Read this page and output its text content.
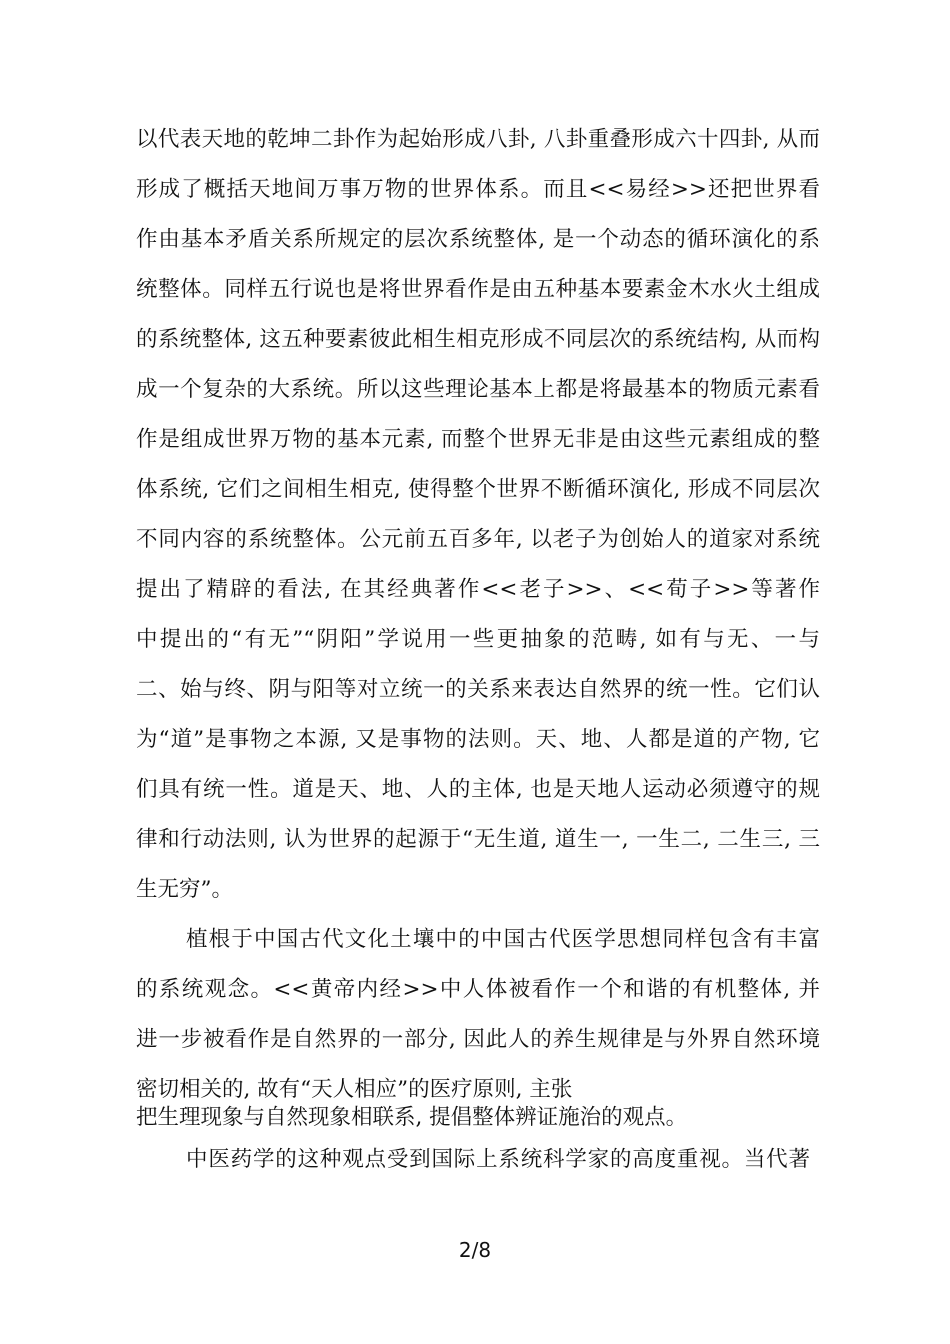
以代表天地的乾坤二卦作为起始形成八卦, 八卦重叠形成六十四卦, 从而
形成了概括天地间万事万物的世界体系。而且<<易经>>还把世界看
作由基本矛盾关系所规定的层次系统整体, 是一个动态的循环演化的系
统整体。同样五行说也是将世界看作是由五种基本要素金木水火土组成
的系统整体, 这五种要素彼此相生相克形成不同层次的系统结构, 从而构
成一个复杂的大系统。所以这些理论基本上都是将最基本的物质元素看
作是组成世界万物的基本元素, 而整个世界无非是由这些元素组成的整
体系统, 它们之间相生相克, 使得整个世界不断循环演化, 形成不同层次
不同内容的系统整体。公元前五百多年, 以老子为创始人的道家对系统
提出了精辟的看法, 在其经典著作<<老子>>、<<荀子>>等著作
中提出的“有无”“阴阳”学说用一些更抽象的范畴, 如有与无、一与
二、始与终、阴与阳等对立统一的关系来表达自然界的统一性。它们认
为“道”是事物之本源, 又是事物的法则。天、地、人都是道的产物, 它
们具有统一性。道是天、地、人的主体, 也是天地人运动必须遵守的规
律和行动法则, 认为世界的起源于“无生道, 道生一, 一生二, 二生三, 三
生无穷”。
植根于中国古代文化土壤中的中国古代医学思想同样包含有丰富
的系统观念。<<黄帝内经>>中人体被看作一个和谐的有机整体, 并
进一步被看作是自然界的一部分, 因此人的养生规律是与外界自然环境
密切相关的, 故有“天人相应”的医疗原则, 主张
把生理现象与自然现象相联系, 提倡整体辨证施治的观点。
中医药学的这种观点受到国际上系统科学家的高度重视。当代著
2/8
